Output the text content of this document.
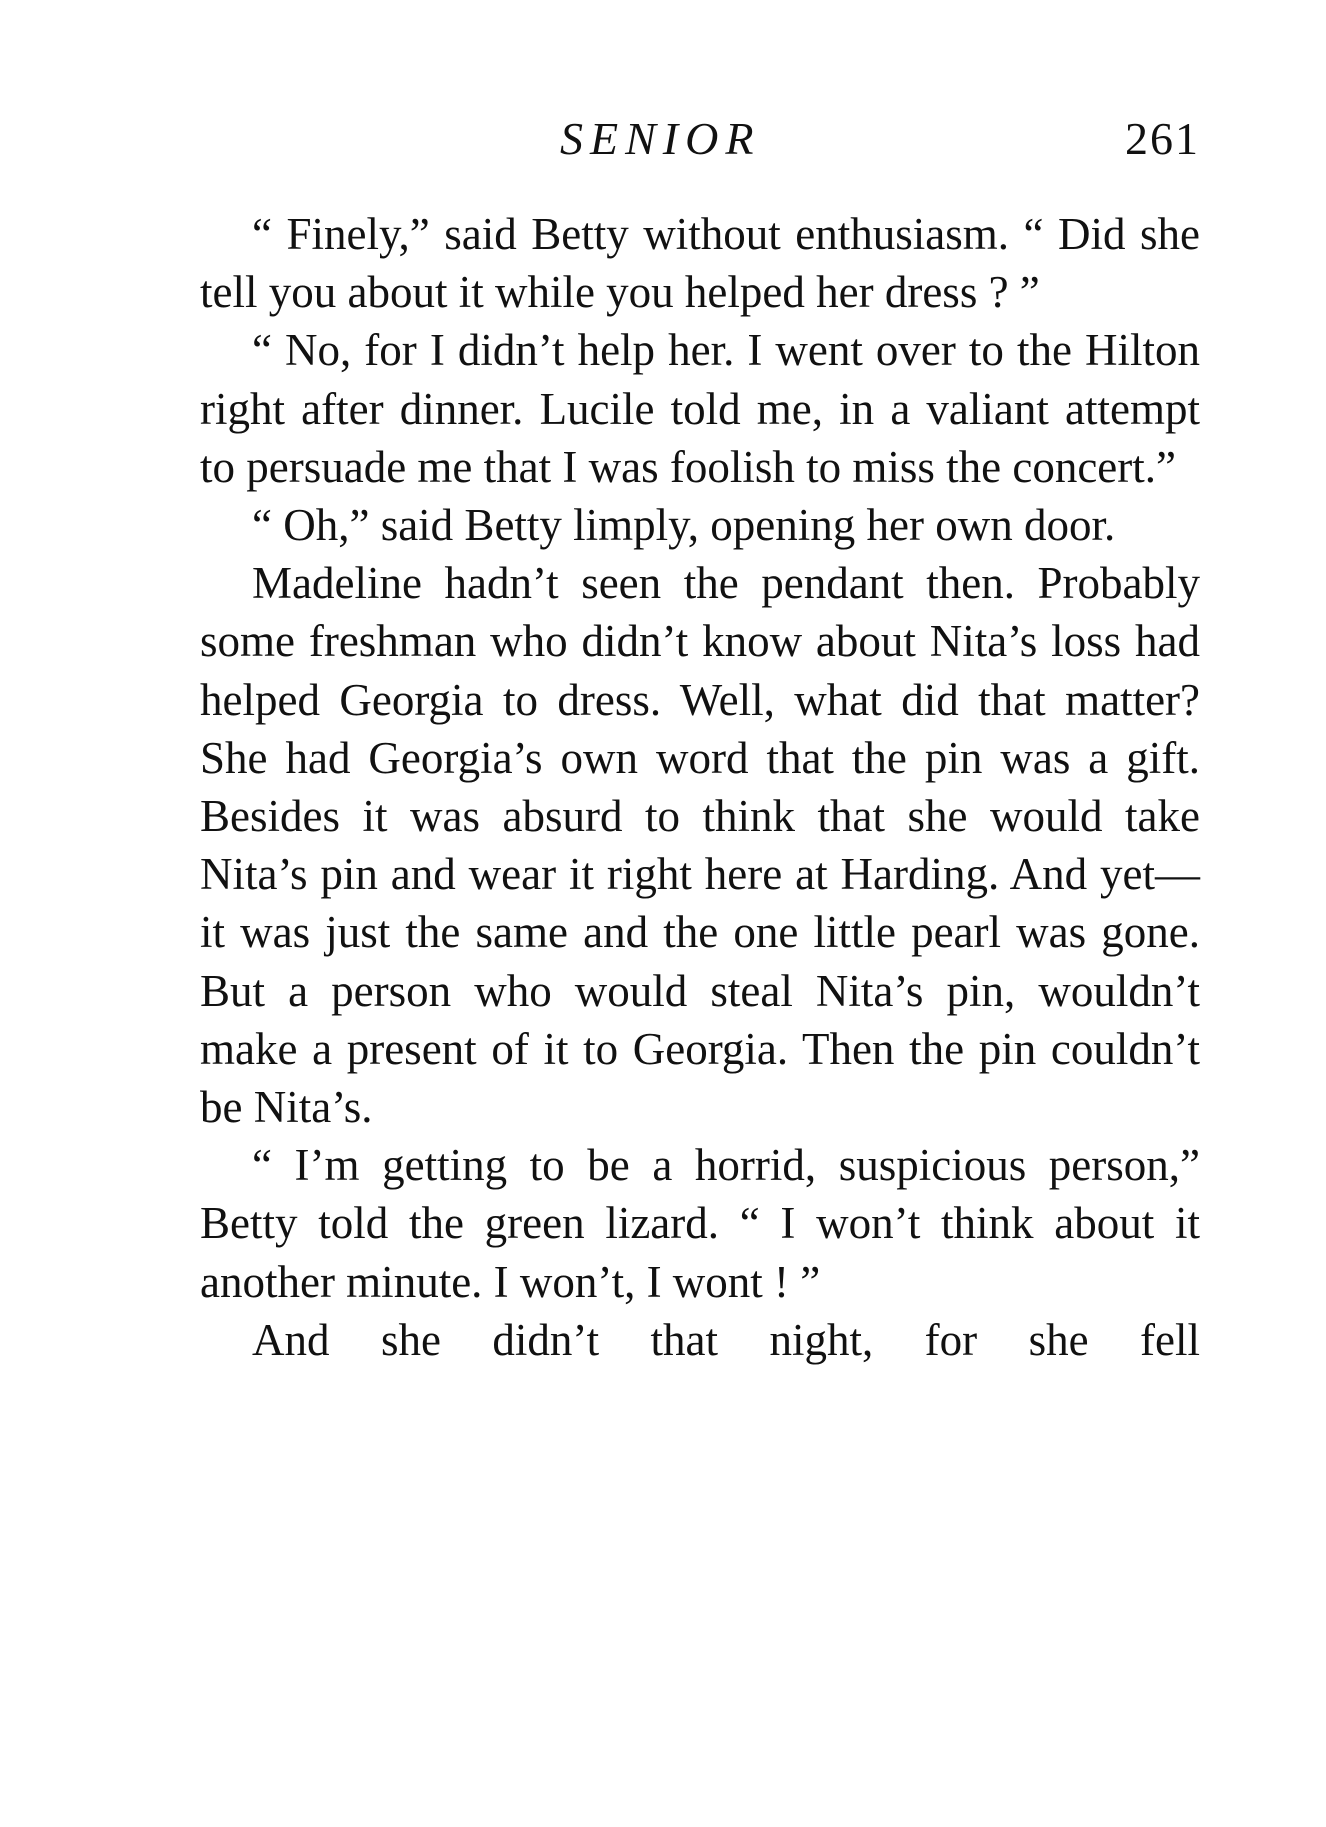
SENIOR	261

“ Finely,” said Betty without enthusiasm. “ Did she tell you about it while you helped her dress ? ”

“ No, for I didn’t help her. I went over to the Hilton right after dinner. Lucile told me, in a valiant attempt to persuade me that I was foolish to miss the concert.”

“ Oh,” said Betty limply, opening her own door.

Madeline hadn’t seen the pendant then. Probably some freshman who didn’t know about Nita’s loss had helped Georgia to dress. Well, what did that matter? She had Georgia’s own word that the pin was a gift. Besides it was absurd to think that she would take Nita’s pin and wear it right here at Harding. And yet—it was just the same and the one little pearl was gone. But a person who would steal Nita’s pin, wouldn’t make a present of it to Georgia. Then the pin couldn’t be Nita’s.

“ I’m getting to be a horrid, suspicious person,” Betty told the green lizard. “ I won’t think about it another minute. I won’t, I wont ! ”

And she didn’t that night, for she fell
